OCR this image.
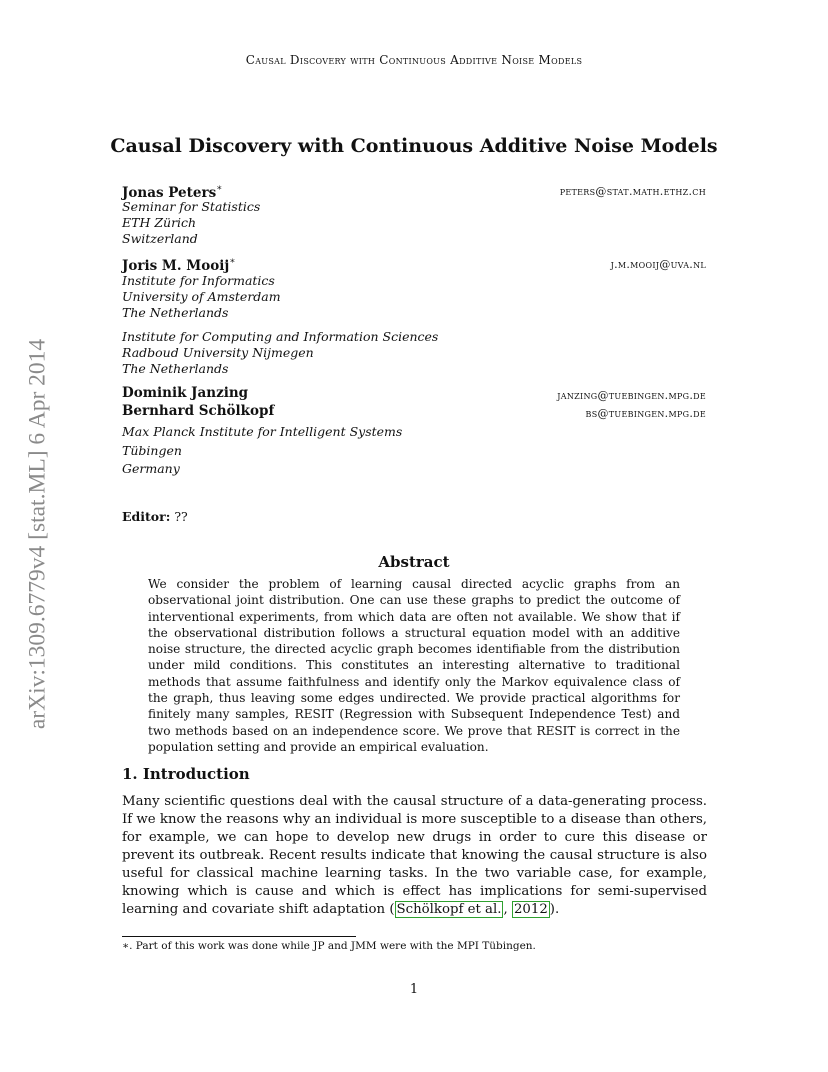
Causal Discovery with Continuous Additive Noise Models
Causal Discovery with Continuous Additive Noise Models
Jonas Peters∗	peters@stat.math.ethz.ch
Seminar for Statistics
ETH Zürich
Switzerland
Joris M. Mooij∗	j.m.mooij@uva.nl
Institute for Informatics
University of Amsterdam
The Netherlands
Institute for Computing and Information Sciences
Radboud University Nijmegen
The Netherlands
Dominik Janzing	janzing@tuebingen.mpg.de
Bernhard Schölkopf	bs@tuebingen.mpg.de
Max Planck Institute for Intelligent Systems
Tübingen
Germany
Editor: ??
Abstract
We consider the problem of learning causal directed acyclic graphs from an observational joint distribution. One can use these graphs to predict the outcome of interventional experiments, from which data are often not available. We show that if the observational distribution follows a structural equation model with an additive noise structure, the directed acyclic graph becomes identifiable from the distribution under mild conditions. This constitutes an interesting alternative to traditional methods that assume faithfulness and identify only the Markov equivalence class of the graph, thus leaving some edges undirected. We provide practical algorithms for finitely many samples, RESIT (Regression with Subsequent Independence Test) and two methods based on an independence score. We prove that RESIT is correct in the population setting and provide an empirical evaluation.
1. Introduction
Many scientific questions deal with the causal structure of a data-generating process. If we know the reasons why an individual is more susceptible to a disease than others, for example, we can hope to develop new drugs in order to cure this disease or prevent its outbreak. Recent results indicate that knowing the causal structure is also useful for classical machine learning tasks. In the two variable case, for example, knowing which is cause and which is effect has implications for semi-supervised learning and covariate shift adaptation ( Schölkopf et al. , 2012 ).
∗. Part of this work was done while JP and JMM were with the MPI Tübingen.
1
arXiv:1309.6779v4 [stat.ML] 6 Apr 2014
